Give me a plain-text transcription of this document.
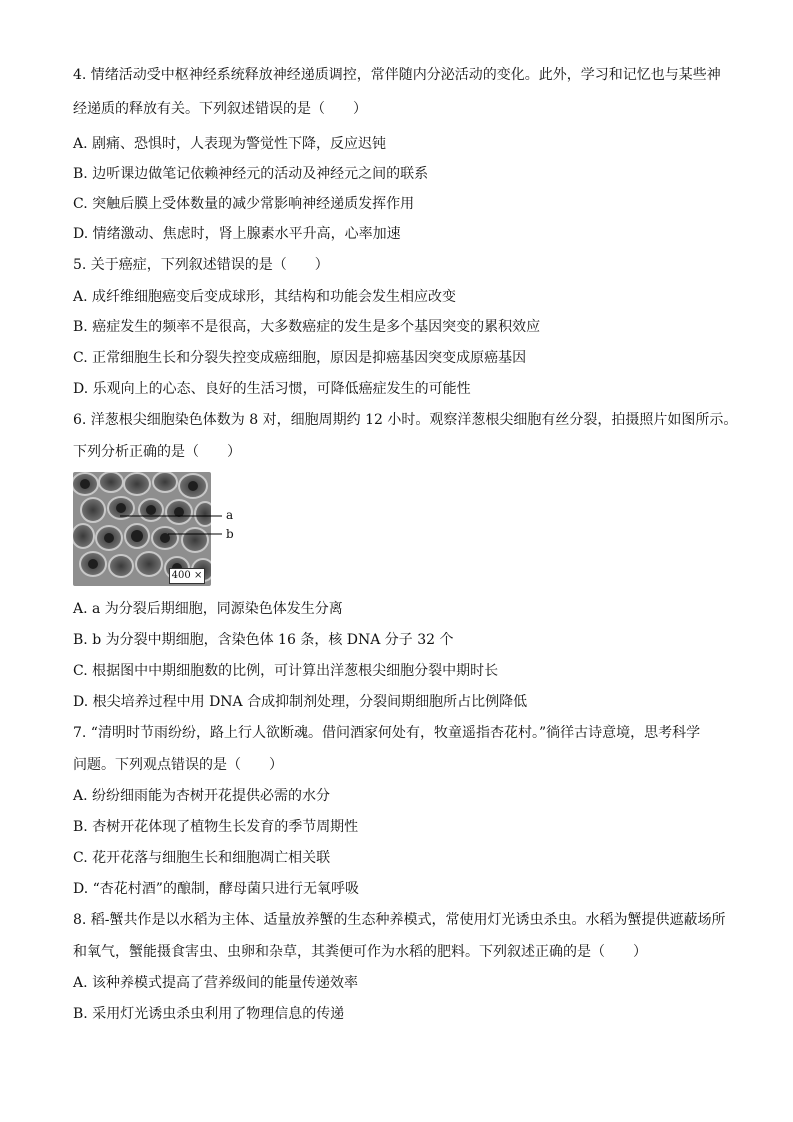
4. 情绪活动受中枢神经系统释放神经递质调控，常伴随内分泌活动的变化。此外，学习和记忆也与某些神
经递质的释放有关。下列叙述错误的是（　　）
A. 剧痛、恐惧时，人表现为警觉性下降，反应迟钝
B. 边听课边做笔记依赖神经元的活动及神经元之间的联系
C. 突触后膜上受体数量的减少常影响神经递质发挥作用
D. 情绪激动、焦虑时，肾上腺素水平升高，心率加速
5. 关于癌症，下列叙述错误的是（　　）
A. 成纤维细胞癌变后变成球形，其结构和功能会发生相应改变
B. 癌症发生的频率不是很高，大多数癌症的发生是多个基因突变的累积效应
C. 正常细胞生长和分裂失控变成癌细胞，原因是抑癌基因突变成原癌基因
D. 乐观向上的心态、良好的生活习惯，可降低癌症发生的可能性
6. 洋葱根尖细胞染色体数为 8 对，细胞周期约 12 小时。观察洋葱根尖细胞有丝分裂，拍摄照片如图所示。
下列分析正确的是（　　）
a
b
400 ×
A. a 为分裂后期细胞，同源染色体发生分离
B. b 为分裂中期细胞，含染色体 16 条，核 DNA 分子 32 个
C. 根据图中中期细胞数的比例，可计算出洋葱根尖细胞分裂中期时长
D. 根尖培养过程中用 DNA 合成抑制剂处理，分裂间期细胞所占比例降低
7. “清明时节雨纷纷，路上行人欲断魂。借问酒家何处有，牧童遥指杏花村。”徜徉古诗意境，思考科学
问题。下列观点错误的是（　　）
A. 纷纷细雨能为杏树开花提供必需的水分
B. 杏树开花体现了植物生长发育的季节周期性
C. 花开花落与细胞生长和细胞凋亡相关联
D. “杏花村酒”的酿制，酵母菌只进行无氧呼吸
8. 稻-蟹共作是以水稻为主体、适量放养蟹的生态种养模式，常使用灯光诱虫杀虫。水稻为蟹提供遮蔽场所
和氧气，蟹能摄食害虫、虫卵和杂草，其粪便可作为水稻的肥料。下列叙述正确的是（　　）
A. 该种养模式提高了营养级间的能量传递效率
B. 采用灯光诱虫杀虫利用了物理信息的传递
